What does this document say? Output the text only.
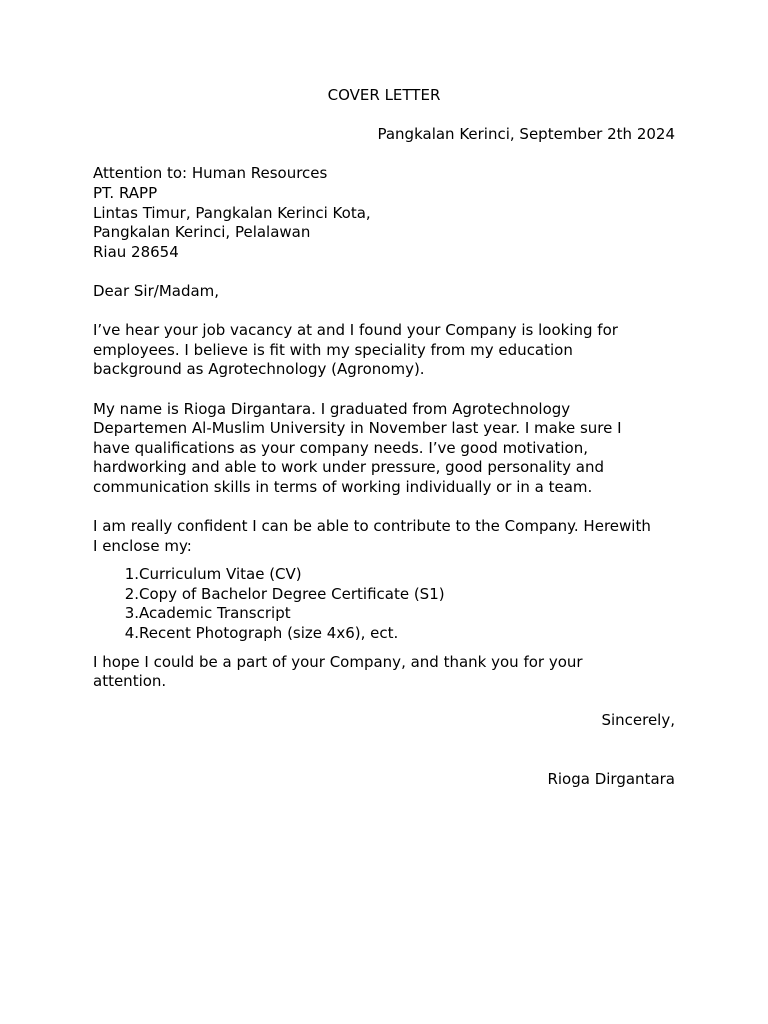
COVER LETTER
Pangkalan Kerinci, September 2th 2024
Attention to: Human Resources
PT. RAPP
Lintas Timur, Pangkalan Kerinci Kota,
Pangkalan Kerinci, Pelalawan
Riau 28654
Dear Sir/Madam,
I’ve hear your job vacancy at and I found your Company is looking for
employees. I believe is fit with my speciality from my education
background as Agrotechnology (Agronomy).
My name is Rioga Dirgantara. I graduated from Agrotechnology
Departemen Al-Muslim University in November last year. I make sure I
have qualifications as your company needs. I’ve good motivation,
hardworking and able to work under pressure, good personality and
communication skills in terms of working individually or in a team.
I am really confident I can be able to contribute to the Company. Herewith
I enclose my:
1. Curriculum Vitae (CV)
2. Copy of Bachelor Degree Certificate (S1)
3. Academic Transcript
4. Recent Photograph (size 4x6), ect.
I hope I could be a part of your Company, and thank you for your
attention.
Sincerely,
Rioga Dirgantara
